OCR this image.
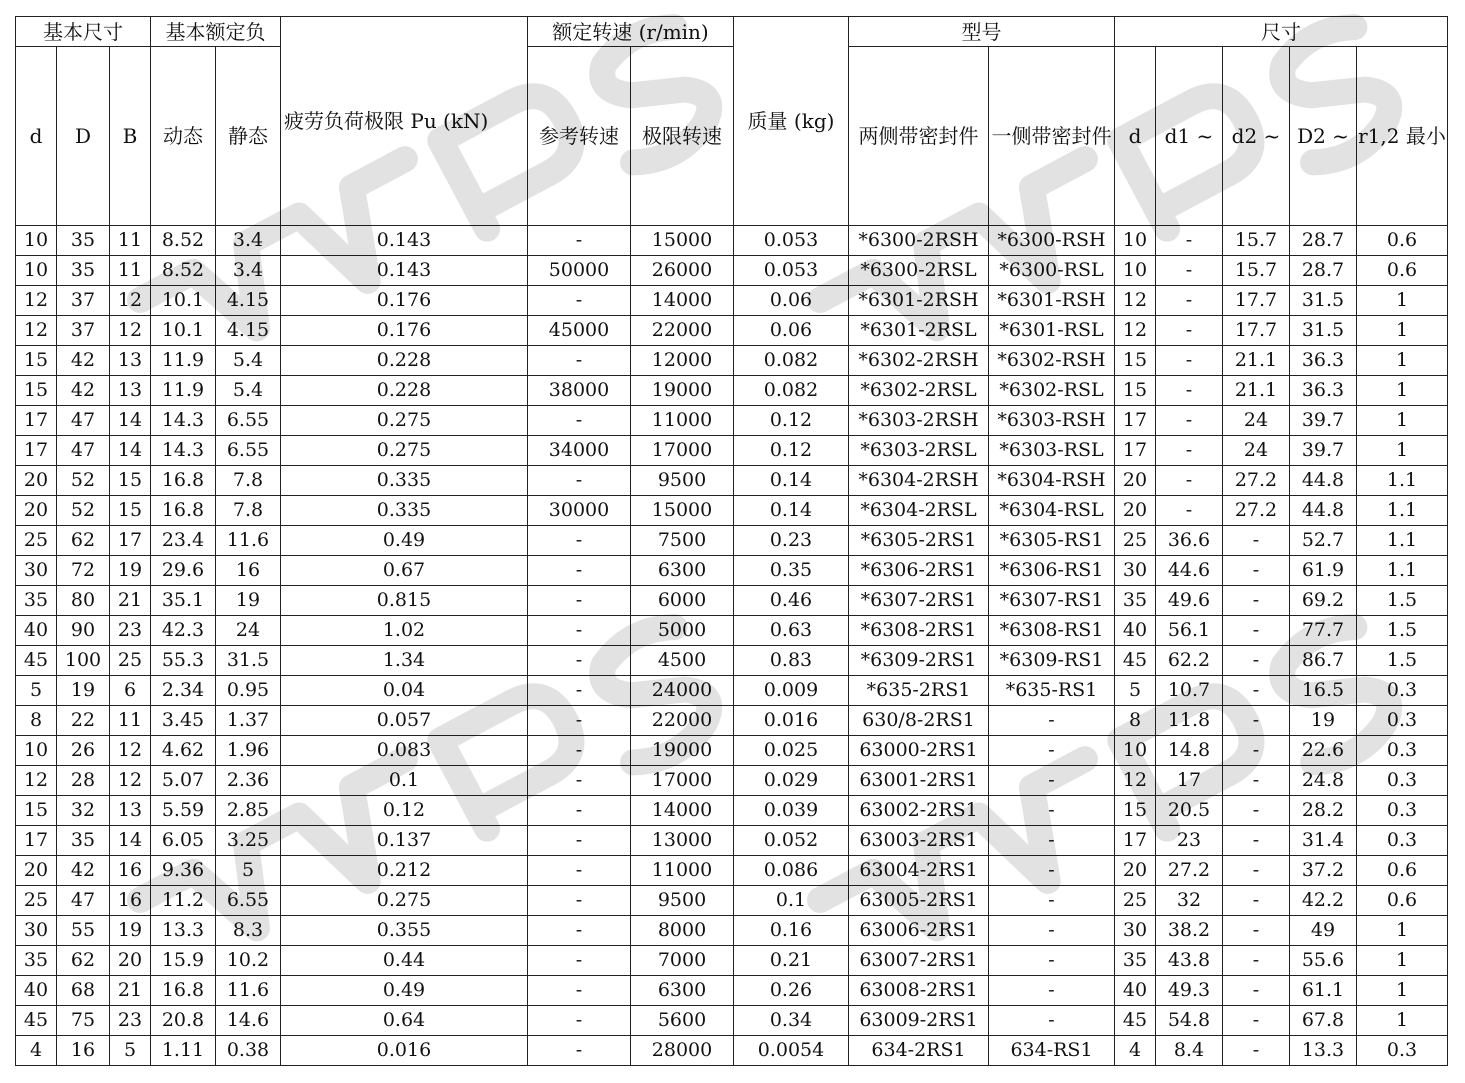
基本尺寸			基本额定负		疲劳负荷极限 Pu (kN)	额定转速 (r/min)		质量 (kg)	型号		尺寸				
d	D	B	动态	静态		参考转速	极限转速		两侧带密封件	一侧带密封件	d	d1 ~	d2 ~	D2 ~	r1,2 最小
10	35	11	8.52	3.4	0.143	-	15000	0.053	*6300-2RSH	*6300-RSH	10	-	15.7	28.7	0.6
10	35	11	8.52	3.4	0.143	50000	26000	0.053	*6300-2RSL	*6300-RSL	10	-	15.7	28.7	0.6
12	37	12	10.1	4.15	0.176	-	14000	0.06	*6301-2RSH	*6301-RSH	12	-	17.7	31.5	1
12	37	12	10.1	4.15	0.176	45000	22000	0.06	*6301-2RSL	*6301-RSL	12	-	17.7	31.5	1
15	42	13	11.9	5.4	0.228	-	12000	0.082	*6302-2RSH	*6302-RSH	15	-	21.1	36.3	1
15	42	13	11.9	5.4	0.228	38000	19000	0.082	*6302-2RSL	*6302-RSL	15	-	21.1	36.3	1
17	47	14	14.3	6.55	0.275	-	11000	0.12	*6303-2RSH	*6303-RSH	17	-	24	39.7	1
17	47	14	14.3	6.55	0.275	34000	17000	0.12	*6303-2RSL	*6303-RSL	17	-	24	39.7	1
20	52	15	16.8	7.8	0.335	-	9500	0.14	*6304-2RSH	*6304-RSH	20	-	27.2	44.8	1.1
20	52	15	16.8	7.8	0.335	30000	15000	0.14	*6304-2RSL	*6304-RSL	20	-	27.2	44.8	1.1
25	62	17	23.4	11.6	0.49	-	7500	0.23	*6305-2RS1	*6305-RS1	25	36.6	-	52.7	1.1
30	72	19	29.6	16	0.67	-	6300	0.35	*6306-2RS1	*6306-RS1	30	44.6	-	61.9	1.1
35	80	21	35.1	19	0.815	-	6000	0.46	*6307-2RS1	*6307-RS1	35	49.6	-	69.2	1.5
40	90	23	42.3	24	1.02	-	5000	0.63	*6308-2RS1	*6308-RS1	40	56.1	-	77.7	1.5
45	100	25	55.3	31.5	1.34	-	4500	0.83	*6309-2RS1	*6309-RS1	45	62.2	-	86.7	1.5
5	19	6	2.34	0.95	0.04	-	24000	0.009	*635-2RS1	*635-RS1	5	10.7	-	16.5	0.3
8	22	11	3.45	1.37	0.057	-	22000	0.016	630/8-2RS1	-	8	11.8	-	19	0.3
10	26	12	4.62	1.96	0.083	-	19000	0.025	63000-2RS1	-	10	14.8	-	22.6	0.3
12	28	12	5.07	2.36	0.1	-	17000	0.029	63001-2RS1	-	12	17	-	24.8	0.3
15	32	13	5.59	2.85	0.12	-	14000	0.039	63002-2RS1	-	15	20.5	-	28.2	0.3
17	35	14	6.05	3.25	0.137	-	13000	0.052	63003-2RS1	-	17	23	-	31.4	0.3
20	42	16	9.36	5	0.212	-	11000	0.086	63004-2RS1	-	20	27.2	-	37.2	0.6
25	47	16	11.2	6.55	0.275	-	9500	0.1	63005-2RS1	-	25	32	-	42.2	0.6
30	55	19	13.3	8.3	0.355	-	8000	0.16	63006-2RS1	-	30	38.2	-	49	1
35	62	20	15.9	10.2	0.44	-	7000	0.21	63007-2RS1	-	35	43.8	-	55.6	1
40	68	21	16.8	11.6	0.49	-	6300	0.26	63008-2RS1	-	40	49.3	-	61.1	1
45	75	23	20.8	14.6	0.64	-	5600	0.34	63009-2RS1	-	45	54.8	-	67.8	1
4	16	5	1.11	0.38	0.016	-	28000	0.0054	634-2RS1	634-RS1	4	8.4	-	13.3	0.3
